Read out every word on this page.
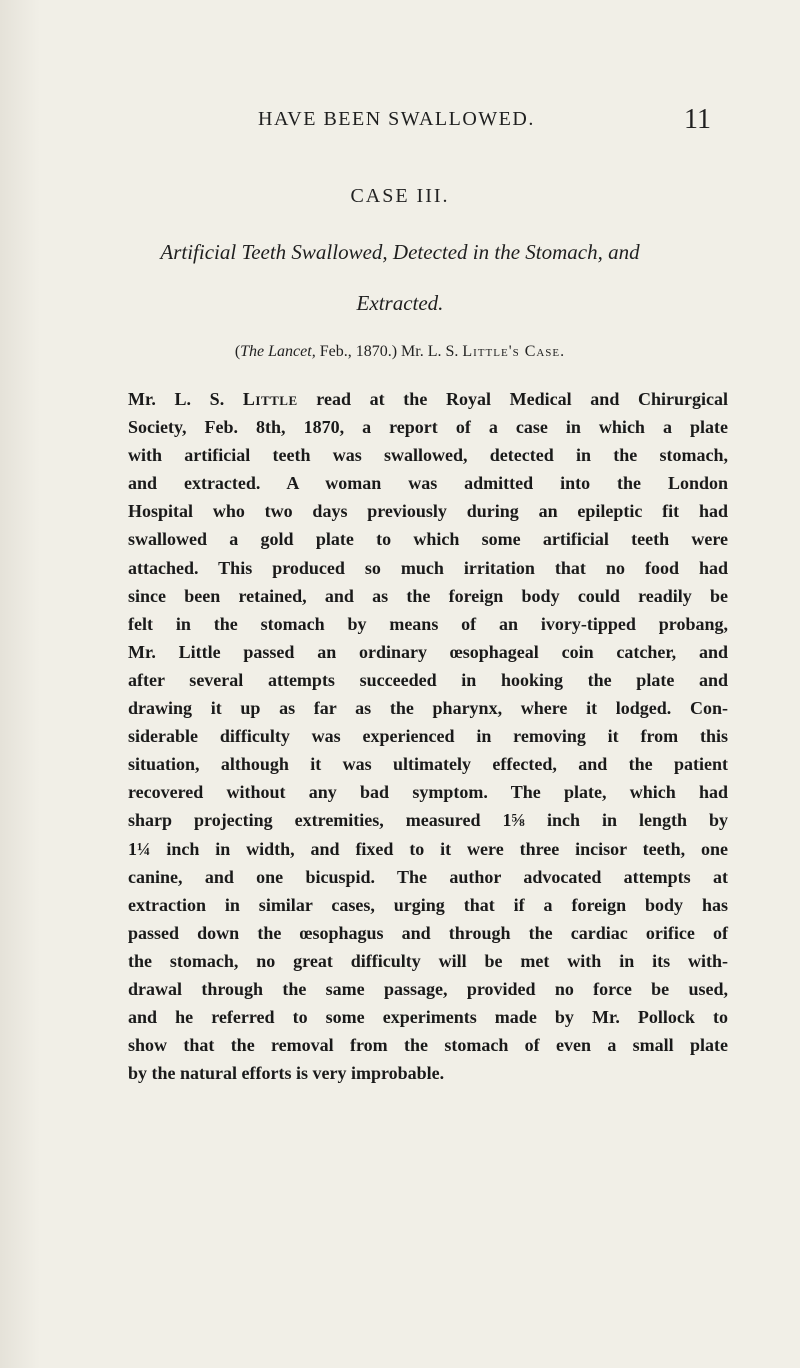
HAVE BEEN SWALLOWED.	11
CASE III.
Artificial Teeth Swallowed, Detected in the Stomach, and
Extracted.
(The Lancet, Feb., 1870.) Mr. L. S. Little's Case.
Mr. L. S. Little read at the Royal Medical and Chirurgical
Society, Feb. 8th, 1870, a report of a case in which a plate
with artificial teeth was swallowed, detected in the stomach,
and extracted. A woman was admitted into the London
Hospital who two days previously during an epileptic fit had
swallowed a gold plate to which some artificial teeth were
attached. This produced so much irritation that no food had
since been retained, and as the foreign body could readily be
felt in the stomach by means of an ivory-tipped probang,
Mr. Little passed an ordinary œsophageal coin catcher, and
after several attempts succeeded in hooking the plate and
drawing it up as far as the pharynx, where it lodged. Con-
siderable difficulty was experienced in removing it from this
situation, although it was ultimately effected, and the patient
recovered without any bad symptom. The plate, which had
sharp projecting extremities, measured 1⅝ inch in length by
1¼ inch in width, and fixed to it were three incisor teeth, one
canine, and one bicuspid. The author advocated attempts at
extraction in similar cases, urging that if a foreign body has
passed down the œsophagus and through the cardiac orifice of
the stomach, no great difficulty will be met with in its with-
drawal through the same passage, provided no force be used,
and he referred to some experiments made by Mr. Pollock to
show that the removal from the stomach of even a small plate
by the natural efforts is very improbable.
